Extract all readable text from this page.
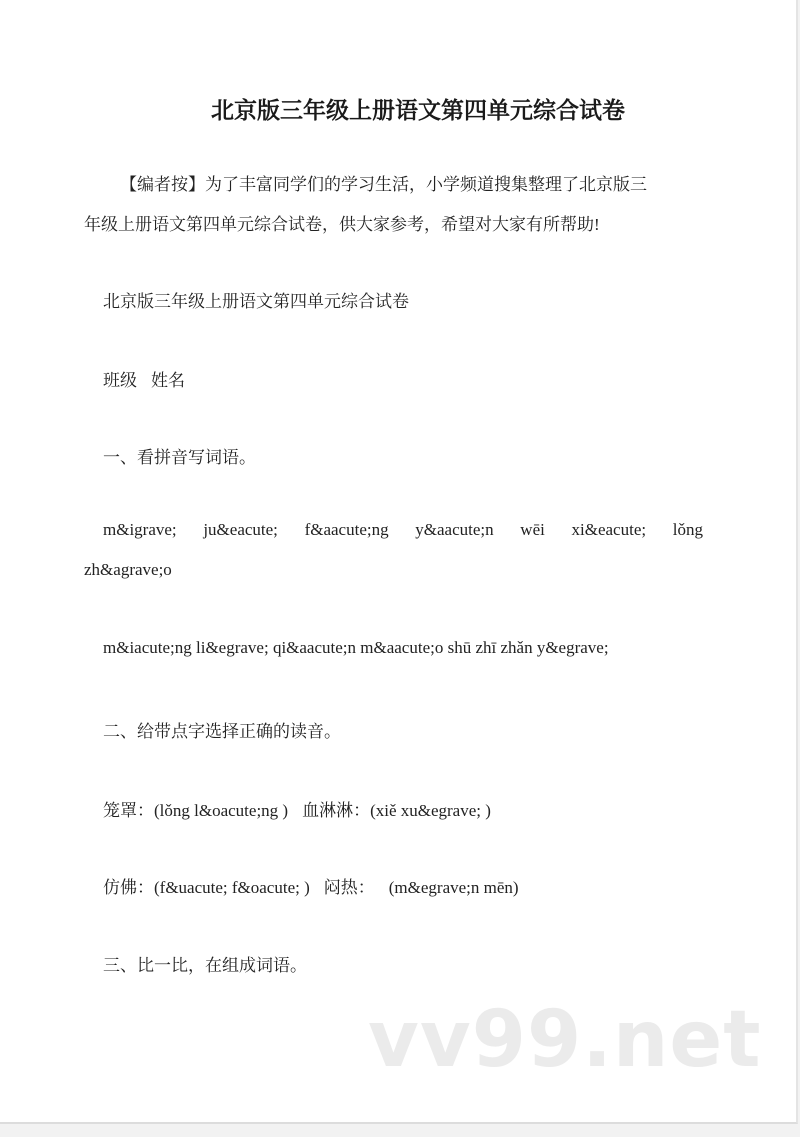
北京版三年级上册语文第四单元综合试卷
【编者按】为了丰富同学们的学习生活，小学频道搜集整理了北京版三
年级上册语文第四单元综合试卷，供大家参考，希望对大家有所帮助!
北京版三年级上册语文第四单元综合试卷
班级 姓名
一、看拼音写词语。
m&igrave; ju&eacute; f&aacute;ng y&aacute;n wēi xi&eacute; lǒng
zh&agrave;o
m&iacute;ng li&egrave; qi&aacute;n m&aacute;o shū zhī zhǎn y&egrave;
二、给带点字选择正确的读音。
笼罩：(lǒng l&oacute;ng ) 血淋淋：(xiě xu&egrave; )
仿佛：(f&uacute; f&oacute; ) 闷热： (m&egrave;n mēn)
三、比一比，在组成词语。
vv99.net
